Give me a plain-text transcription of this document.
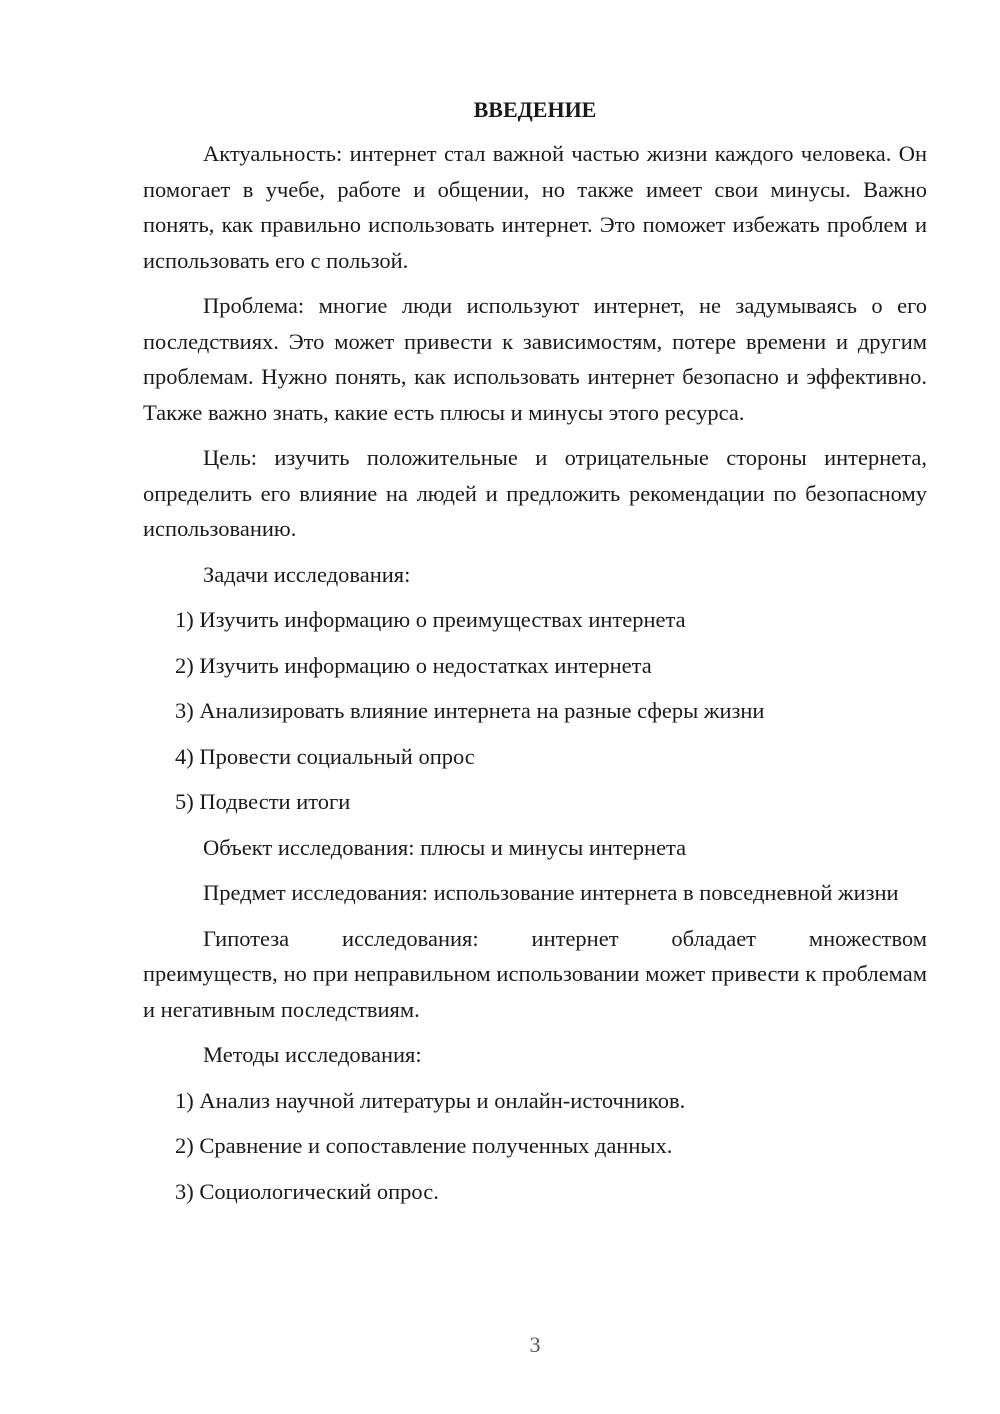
ВВЕДЕНИЕ

Актуальность: интернет стал важной частью жизни каждого человека. Он помогает в учебе, работе и общении, но также имеет свои минусы. Важно понять, как правильно использовать интернет. Это поможет избежать проблем и использовать его с пользой.

Проблема: многие люди используют интернет, не задумываясь о его последствиях. Это может привести к зависимостям, потере времени и другим проблемам. Нужно понять, как использовать интернет безопасно и эффективно. Также важно знать, какие есть плюсы и минусы этого ресурса.

Цель: изучить положительные и отрицательные стороны интернета, определить его влияние на людей и предложить рекомендации по безопасному использованию.

Задачи исследования:

1) Изучить информацию о преимуществах интернета
2) Изучить информацию о недостатках интернета
3) Анализировать влияние интернета на разные сферы жизни
4) Провести социальный опрос
5) Подвести итоги

Объект исследования: плюсы и минусы интернета

Предмет исследования: использование интернета в повседневной жизни

Гипотеза исследования: интернет обладает множеством

преимуществ, но при неправильном использовании может привести к проблемам и негативным последствиям.

Методы исследования:

1) Анализ научной литературы и онлайн-источников.
2) Сравнение и сопоставление полученных данных.
3) Социологический опрос.
3
